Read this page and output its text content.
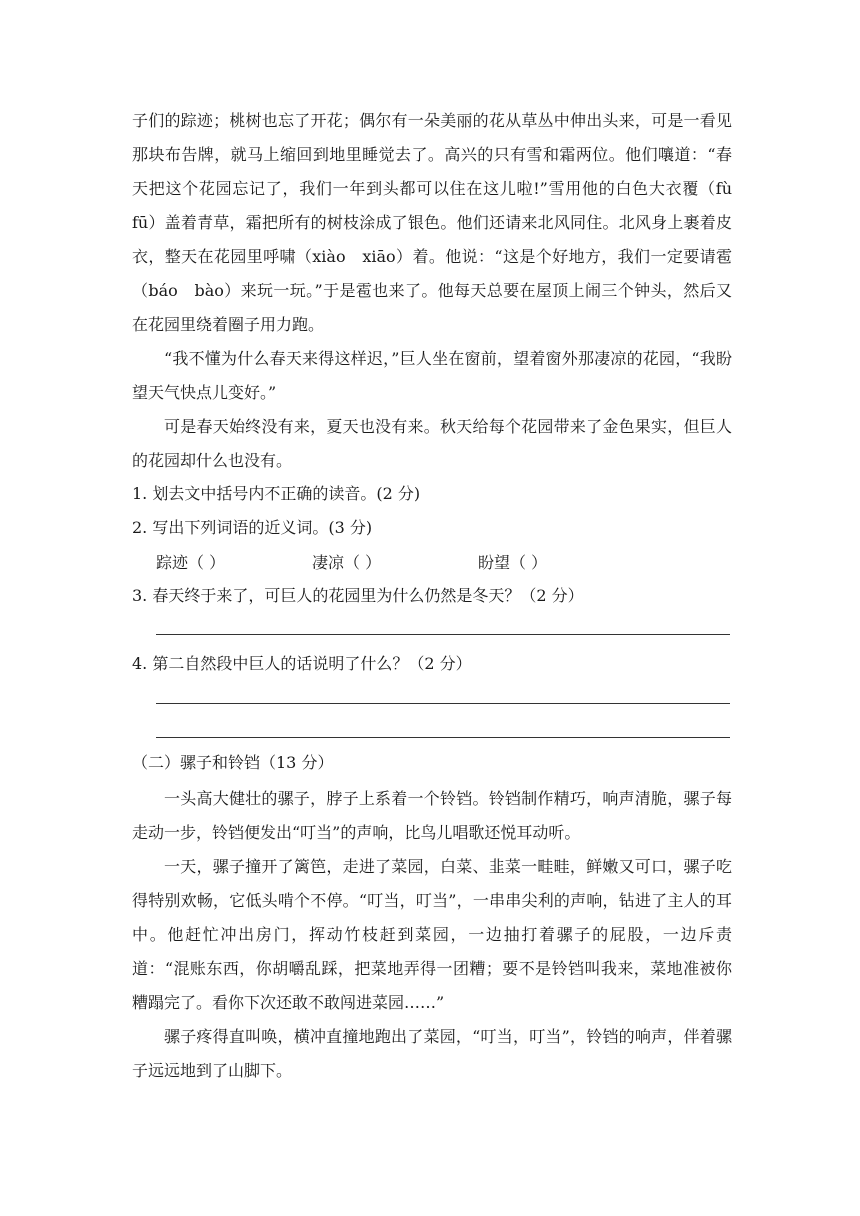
子们的踪迹；桃树也忘了开花；偶尔有一朵美丽的花从草丛中伸出头来，可是一看见那块布告牌，就马上缩回到地里睡觉去了。高兴的只有雪和霜两位。他们嚷道：“春天把这个花园忘记了，我们一年到头都可以住在这儿啦!”雪用他的白色大衣覆（fù　fū）盖着青草，霜把所有的树枝涂成了银色。他们还请来北风同住。北风身上裹着皮衣，整天在花园里呼啸（xiào　xiāo）着。他说：“这是个好地方，我们一定要请雹（báo　bào）来玩一玩。”于是雹也来了。他每天总要在屋顶上闹三个钟头，然后又在花园里绕着圈子用力跑。

“我不懂为什么春天来得这样迟，”巨人坐在窗前，望着窗外那凄凉的花园，“我盼望天气快点儿变好。”

可是春天始终没有来，夏天也没有来。秋天给每个花园带来了金色果实，但巨人的花园却什么也没有。

1. 划去文中括号内不正确的读音。(2 分)
2. 写出下列词语的近义词。(3 分)
踪迹（ ）	凄凉（ ）	盼望（ ）
3. 春天终于来了，可巨人的花园里为什么仍然是冬天？（2 分）
4. 第二自然段中巨人的话说明了什么？（2 分）
（二）骡子和铃铛（13 分）

一头高大健壮的骡子，脖子上系着一个铃铛。铃铛制作精巧，响声清脆，骡子每走动一步，铃铛便发出“叮当”的声响，比鸟儿唱歌还悦耳动听。

一天，骡子撞开了篱笆，走进了菜园，白菜、韭菜一畦畦，鲜嫩又可口，骡子吃得特别欢畅，它低头啃个不停。“叮当，叮当”，一串串尖利的声响，钻进了主人的耳中。他赶忙冲出房门，挥动竹枝赶到菜园，一边抽打着骡子的屁股，一边斥责道：“混账东西，你胡嚼乱踩，把菜地弄得一团糟；要不是铃铛叫我来，菜地准被你糟蹋完了。看你下次还敢不敢闯进菜园……”

骡子疼得直叫唤，横冲直撞地跑出了菜园，“叮当，叮当”，铃铛的响声，伴着骡子远远地到了山脚下。
